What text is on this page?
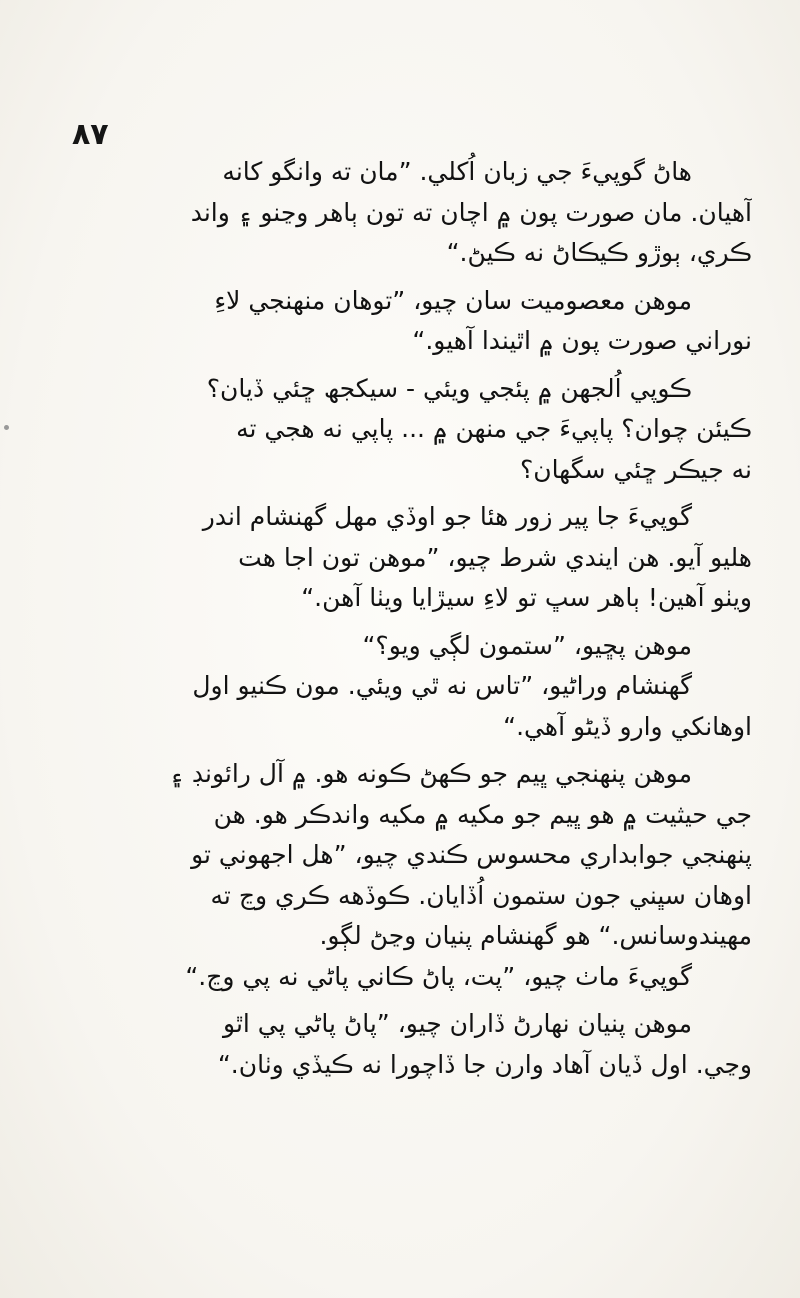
٨٧
هاڻ گوپيءَ جي زبان اُکلي. ”مان ته وانگو کانه
آهيان. مان صورت پون ۾ اچان ته تون ٻاهر وڃنو ۽ واند
ڪري، ٻوڙو ڪيڪاڻ نه ڪيڻ.“
موهن معصوميت سان چيو، ”توهان منهنجي لاءِ
نوراني صورت پون ۾ اٿيندا آهيو.“
ڪوپي اُلجهن ۾ پئجي ويئي - سيکجھ ڇئي ڏيان؟
ڪيئن چوان؟ پاپيءَ جي منهن ۾ ... پاپي نه هجي ته
نه جيڪر ڇئي سگهان؟
گوپيءَ جا پير زور هئا جو اوڏي مهل گهنشام اندر
هليو آيو. هن ايندي شرط چيو، ”موهن تون اجا هت
ويٺو آهين! ٻاهر سڀ تو لاءِ سيڙايا ويٺا آهن.“
موهن پڇيو، ”ستمون لڳي ويو؟“
گهنشام وراڻيو، ”تاس نه ٿي ويئي. مون ڪنيو اول
اوهانکي وارو ڏيڻو آهي.“
موهن پنهنجي ڀيم جو ڪهڻ ڪونه هو. ۾ آل رائونڊ ۽
جي حيثيت ۾ هو ڀيم جو مکيه ۾ مکيه واندڪر هو. هن
پنهنجي جوابداري محسوس ڪندي چيو، ”هل اجهوني تو
اوهان سڀني جون ستمون اُڏايان. ڪوڏهه ڪري وڃ ته
مهيندوسانس.“ هو گهنشام پنيان وڃڻ لڳو.
گوپيءَ ماٺ چيو، ”پت، پاڻ ڪاني پاڻي نه پي وڃ.“
موهن پنيان نهارڻ ڏاران چيو، ”پاڻ پاڻي پي اٿو
وڃي. اول ڏيان آهاد وارن جا ڏاچورا نه ڪيڏي وٺان.“
